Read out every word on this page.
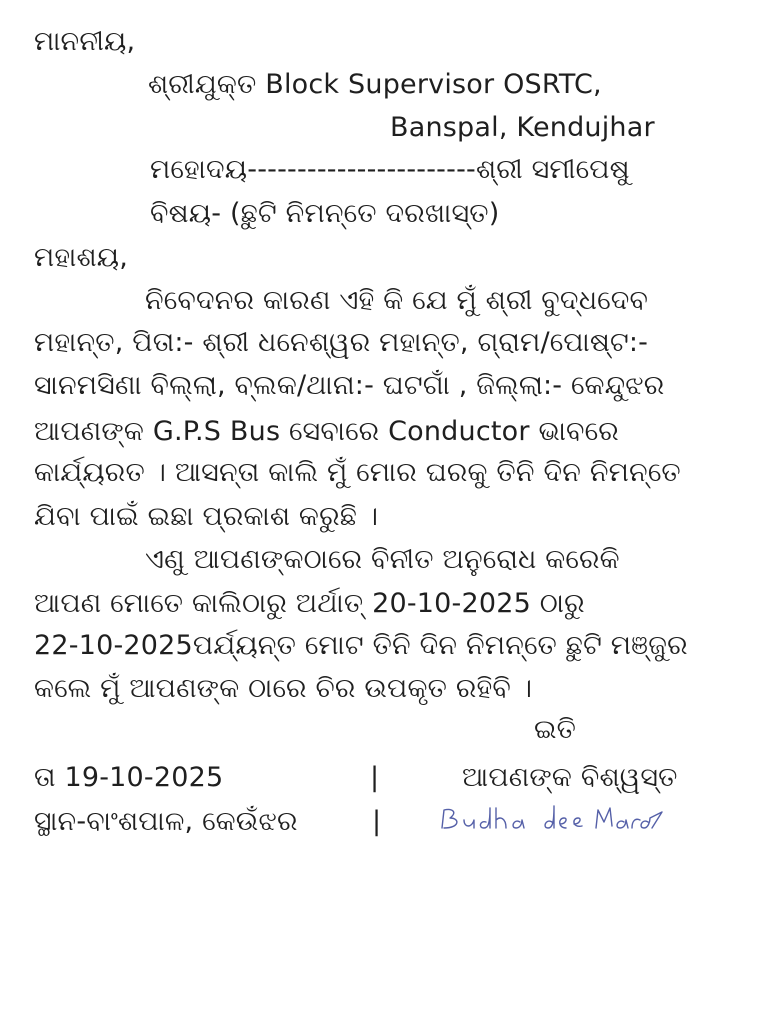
ମାନନୀୟ,
ଶ୍ରୀଯୁକ୍ତ Block Supervisor OSRTC,
Banspal, Kendujhar
ମହୋଦୟ-----------------------ଶ୍ରୀ ସମୀପେଷୁ
ବିଷୟ- (ଛୁଟି ନିମନ୍ତେ ଦରଖାସ୍ତ)
ମହାଶୟ,
ନିବେଦନର କାରଣ ଏହି କି ଯେ ମୁଁ ଶ୍ରୀ ବୁଦ୍ଧଦେବ
ମହାନ୍ତ, ପିତା:- ଶ୍ରୀ ଧନେଶ୍ୱର ମହାନ୍ତ, ଗ୍ରାମ/ପୋଷ୍ଟ:-
ସାନମସିଣା ବିଲ୍ଲା, ବ୍ଲକ/ଥାନା:- ଘଟଗାଁ , ଜିଲ୍ଲା:- କେନ୍ଦୁଝର
ଆପଣଙ୍କ G.P.S Bus ସେବାରେ Conductor ଭାବରେ
କାର୍ଯ୍ୟରତ । ଆସନ୍ତା କାଲି ମୁଁ ମୋର ଘରକୁ ତିନି ଦିନ ନିମନ୍ତେ
ଯିବା ପାଇଁ ଇଛା ପ୍ରକାଶ କରୁଛି ।
ଏଣୁ ଆପଣଙ୍କଠାରେ ବିନୀତ ଅନୁରୋଧ କରେକି
ଆପଣ ମୋତେ କାଲିଠାରୁ ଅର୍ଥାତ୍ 20-10-2025 ଠାରୁ
22-10-2025ପର୍ଯ୍ୟନ୍ତ ମୋଟ ତିନି ଦିନ ନିମନ୍ତେ ଛୁଟି ମଞ୍ଜୁର
କଲେ ମୁଁ ଆପଣଙ୍କ ଠାରେ ଚିର ଉପକୃତ ରହିବି ।
ଇତି
ତା 19-10-2025	|	ଆପଣଙ୍କ ବିଶ୍ୱସ୍ତ
ସ୍ଥାନ-ବାଂଶପାଳ, କେଉଁଝର	|
